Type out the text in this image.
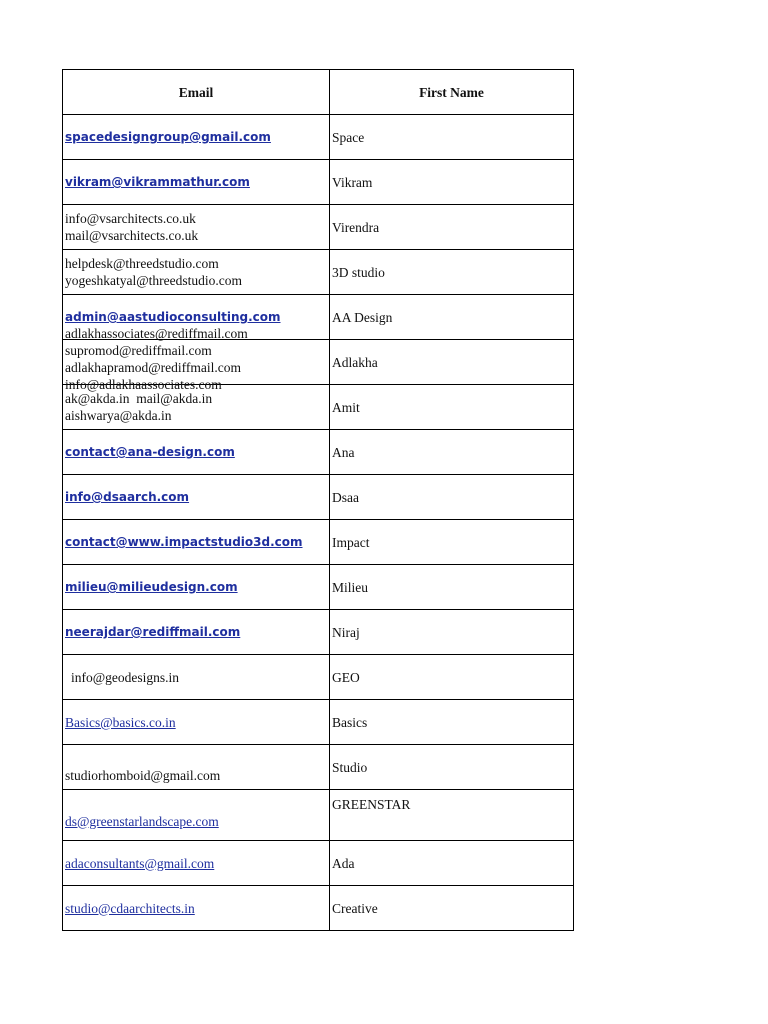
Email	First Name
spacedesigngroup@gmail.com	Space
vikram@vikrammathur.com	Vikram

info@vsarchitects.co.uk
mail@vsarchitects.co.uk	Virendra

helpdesk@threedstudio.com
yogeshkatyal@threedstudio.com	3D studio
admin@aastudioconsulting.com	AA Design

adlakhassociates@rediffmail.com
supromod@rediffmail.com
adlakhapramod@rediffmail.com
info@adlakhaassociates.com	Adlakha

ak@akda.in  mail@akda.in
aishwarya@akda.in	Amit
contact@ana-design.com	Ana
info@dsaarch.com	Dsaa
contact@www.impactstudio3d.com	Impact
milieu@milieudesign.com	Milieu
neerajdar@rediffmail.com	Niraj
info@geodesigns.in	GEO
Basics@basics.co.in	Basics

studiorhomboid@gmail.com	Studio

ds@greenstarlandscape.com	GREENSTAR
adaconsultants@gmail.com	Ada
studio@cdaarchitects.in	Creative
